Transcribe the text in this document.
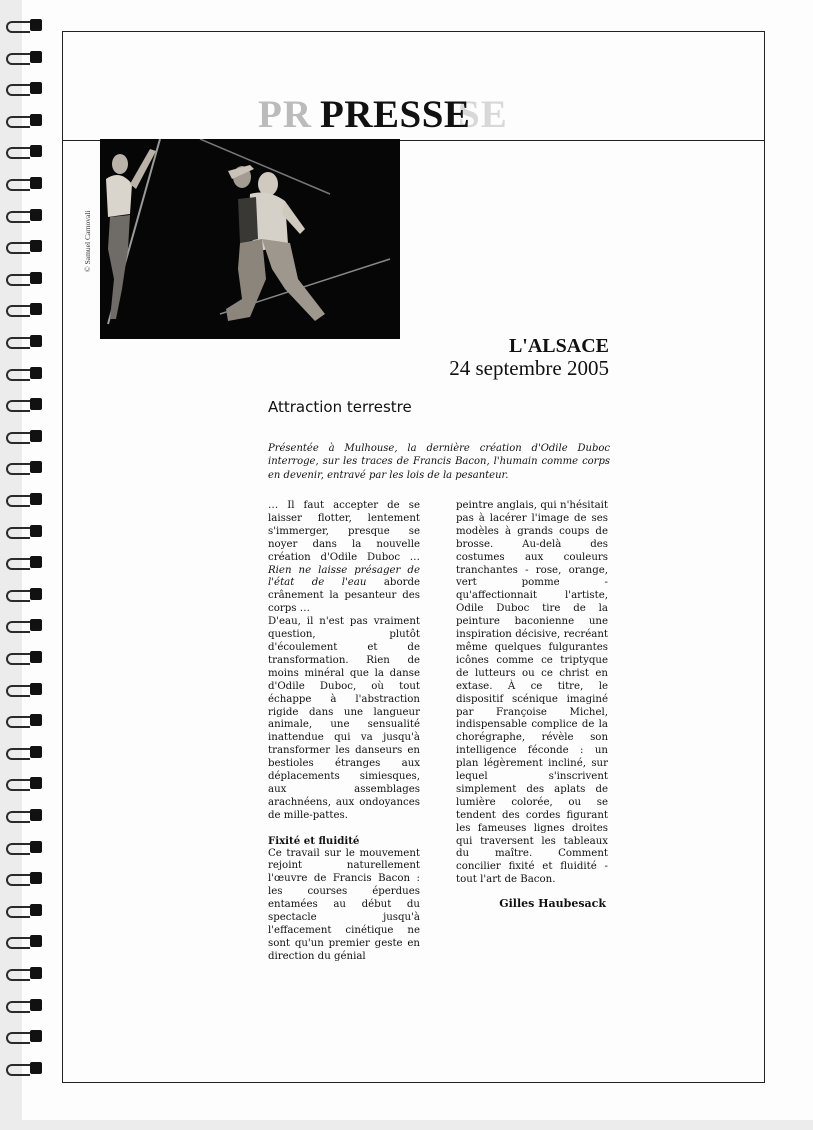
PR	SE
PRESSE
© Samuel Carnovali
L'ALSACE
24 septembre 2005
Attraction terrestre
Présentée à Mulhouse, la dernière création d'Odile Duboc interroge, sur les traces de Francis Bacon, l'humain comme corps en devenir, entravé par les lois de la pesanteur.

… Il faut accepter de se laisser flotter, lentement s'immerger, presque se noyer dans la nouvelle création d'Odile Duboc … Rien ne laisse présager de l'état de l'eau aborde crânement la pesanteur des corps …

D'eau, il n'est pas vraiment question, plutôt d'écoulement et de transformation. Rien de moins minéral que la danse d'Odile Duboc, où tout échappe à l'abstraction rigide dans une langueur animale, une sensualité inattendue qui va jusqu'à transformer les danseurs en bestioles étranges aux déplacements simiesques, aux assemblages arachnéens, aux ondoyances de mille-pattes.

Fixité et fluidité

Ce travail sur le mouvement rejoint naturellement l'œuvre de Francis Bacon : les courses éperdues entamées au début du spectacle jusqu'à l'effacement cinétique ne sont qu'un premier geste en direction du génial

peintre anglais, qui n'hésitait pas à lacérer l'image de ses modèles à grands coups de brosse. Au-delà des costumes aux couleurs tranchantes - rose, orange, vert pomme - qu'affectionnait l'artiste, Odile Duboc tire de la peinture baconienne une inspiration décisive, recréant même quelques fulgurantes icônes comme ce triptyque de lutteurs ou ce christ en extase. À ce titre, le dispositif scénique imaginé par Françoise Michel, indispensable complice de la chorégraphe, révèle son intelligence féconde : un plan légèrement incliné, sur lequel s'inscrivent simplement des aplats de lumière colorée, ou se tendent des cordes figurant les fameuses lignes droites qui traversent les tableaux du maître. Comment concilier fixité et fluidité - tout l'art de Bacon.

Gilles Haubesack
